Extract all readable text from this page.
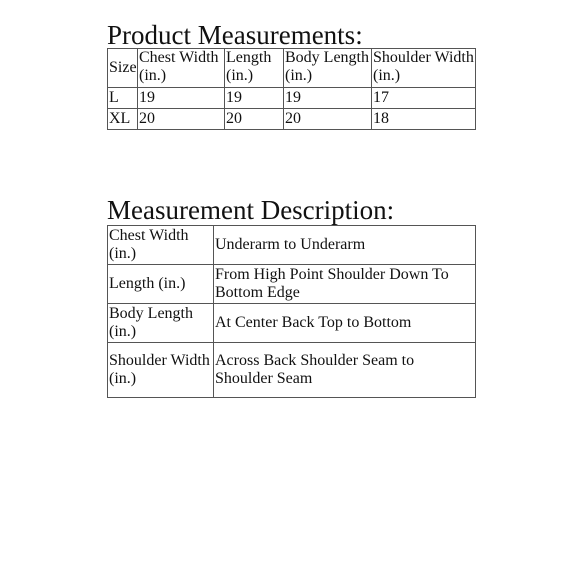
Product Measurements:
Size	Chest Width (in.)	Length (in.)	Body Length (in.)	Shoulder Width (in.)
L	19	19	19	17
XL	20	20	20	18
Measurement Description:
Chest Width (in.)	Underarm to Underarm
Length (in.)	From High Point Shoulder Down To Bottom Edge
Body Length (in.)	At Center Back Top to Bottom
Shoulder Width (in.)	Across Back Shoulder Seam to Shoulder Seam
